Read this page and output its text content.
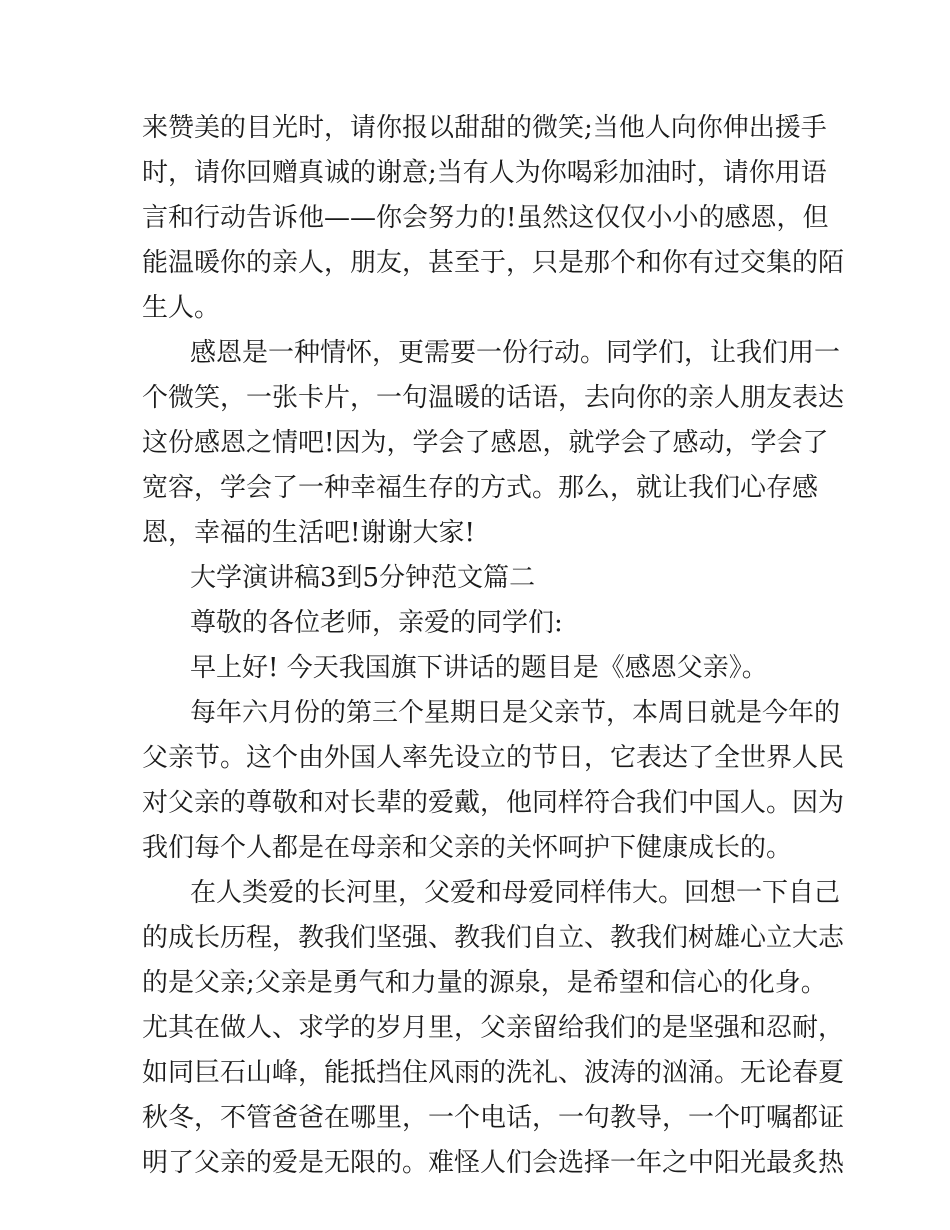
来赞美的目光时，请你报以甜甜的微笑;当他人向你伸出援手
时，请你回赠真诚的谢意;当有人为你喝彩加油时，请你用语
言和行动告诉他——你会努力的!虽然这仅仅小小的感恩，但
能温暖你的亲人，朋友，甚至于，只是那个和你有过交集的陌
生人。
感恩是一种情怀，更需要一份行动。同学们，让我们用一
个微笑，一张卡片，一句温暖的话语，去向你的亲人朋友表达
这份感恩之情吧!因为，学会了感恩，就学会了感动，学会了
宽容，学会了一种幸福生存的方式。那么，就让我们心存感
恩，幸福的生活吧!谢谢大家!
大学演讲稿3到5分钟范文篇二
尊敬的各位老师，亲爱的同学们:
早上好! 今天我国旗下讲话的题目是《感恩父亲》。
每年六月份的第三个星期日是父亲节，本周日就是今年的
父亲节。这个由外国人率先设立的节日，它表达了全世界人民
对父亲的尊敬和对长辈的爱戴，他同样符合我们中国人。因为
我们每个人都是在母亲和父亲的关怀呵护下健康成长的。
在人类爱的长河里，父爱和母爱同样伟大。回想一下自己
的成长历程，教我们坚强、教我们自立、教我们树雄心立大志
的是父亲;父亲是勇气和力量的源泉，是希望和信心的化身。
尤其在做人、求学的岁月里，父亲留给我们的是坚强和忍耐，
如同巨石山峰，能抵挡住风雨的洗礼、波涛的汹涌。无论春夏
秋冬，不管爸爸在哪里，一个电话，一句教导，一个叮嘱都证
明了父亲的爱是无限的。难怪人们会选择一年之中阳光最炙热
